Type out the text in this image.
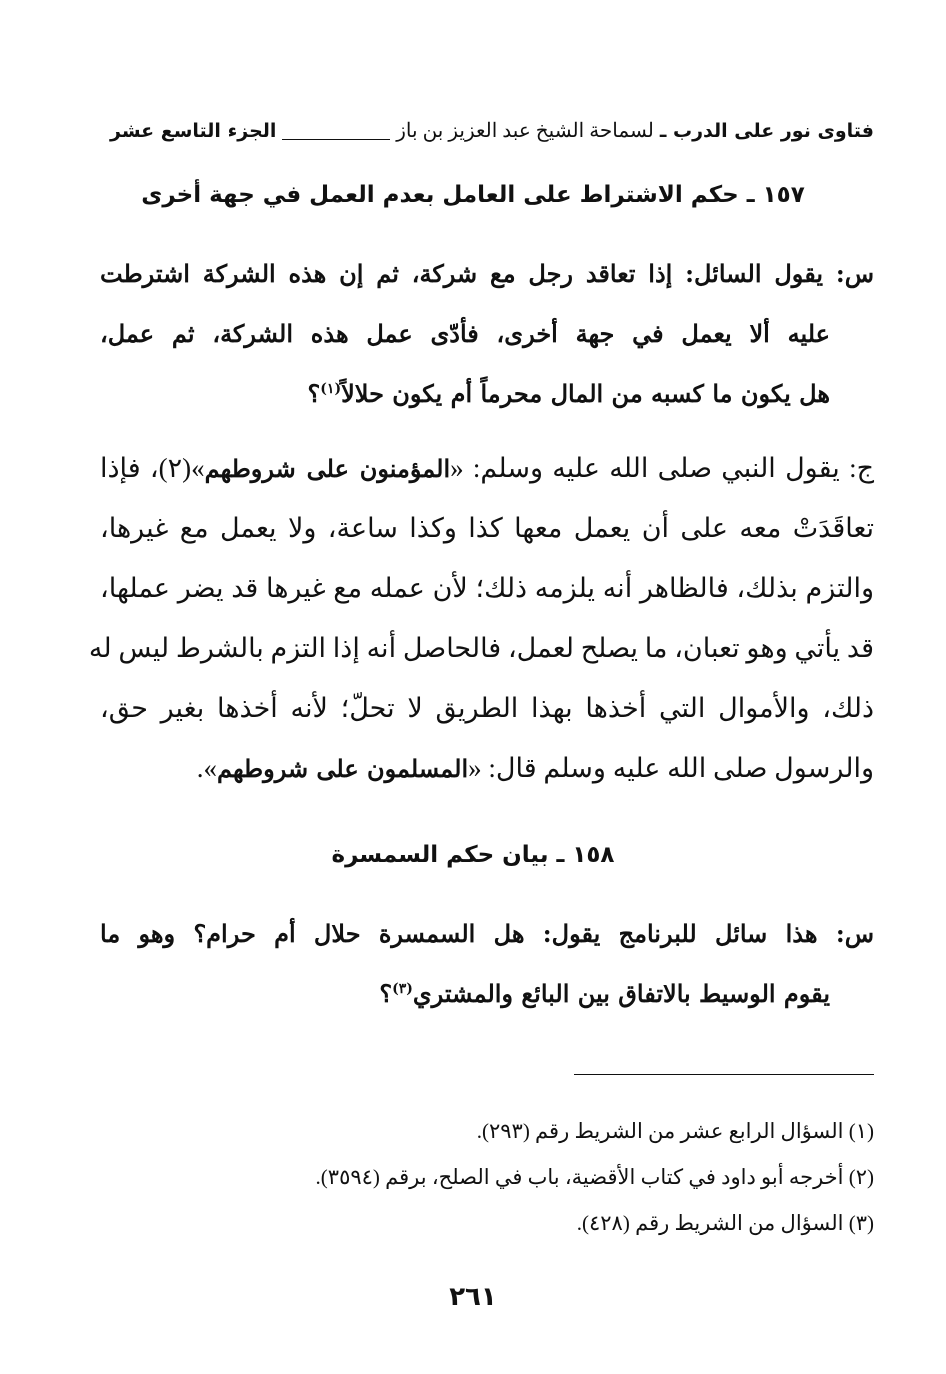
فتاوى نور على الدرب ـ
لسماحة الشيخ عبد العزيز بن باز
الجزء التاسع عشر
١٥٧ ـ حكم الاشتراط على العامل بعدم العمل في جهة أخرى
س: يقول السائل: إذا تعاقد رجل مع شركة، ثم إن هذه الشركة اشترطت
عليه ألا يعمل في جهة أخرى، فأدّى عمل هذه الشركة، ثم عمل،
هل يكون ما كسبه من المال محرماً أم يكون حلالاً$^{(١)}$؟
ج: يقول النبي صلى الله عليه وسلم: «المؤمنون على شروطهم»(٢)، فإذا
تعاقَدَتْ معه على أن يعمل معها كذا وكذا ساعة، ولا يعمل مع غيرها،
والتزم بذلك، فالظاهر أنه يلزمه ذلك؛ لأن عمله مع غيرها قد يضر عملها،
قد يأتي وهو تعبان، ما يصلح لعمل، فالحاصل أنه إذا التزم بالشرط ليس له
ذلك، والأموال التي أخذها بهذا الطريق لا تحلّ؛ لأنه أخذها بغير حق،
والرسول صلى الله عليه وسلم قال: «المسلمون على شروطهم».
١٥٨ ـ بيان حكم السمسرة
س: هذا سائل للبرنامج يقول: هل السمسرة حلال أم حرام؟ وهو ما
يقوم الوسيط بالاتفاق بين البائع والمشتري$^{(٣)}$؟
(١) السؤال الرابع عشر من الشريط رقم (٢٩٣).
(٢) أخرجه أبو داود في كتاب الأقضية، باب في الصلح، برقم (٣٥٩٤).
(٣) السؤال من الشريط رقم (٤٢٨).
٢٦١
